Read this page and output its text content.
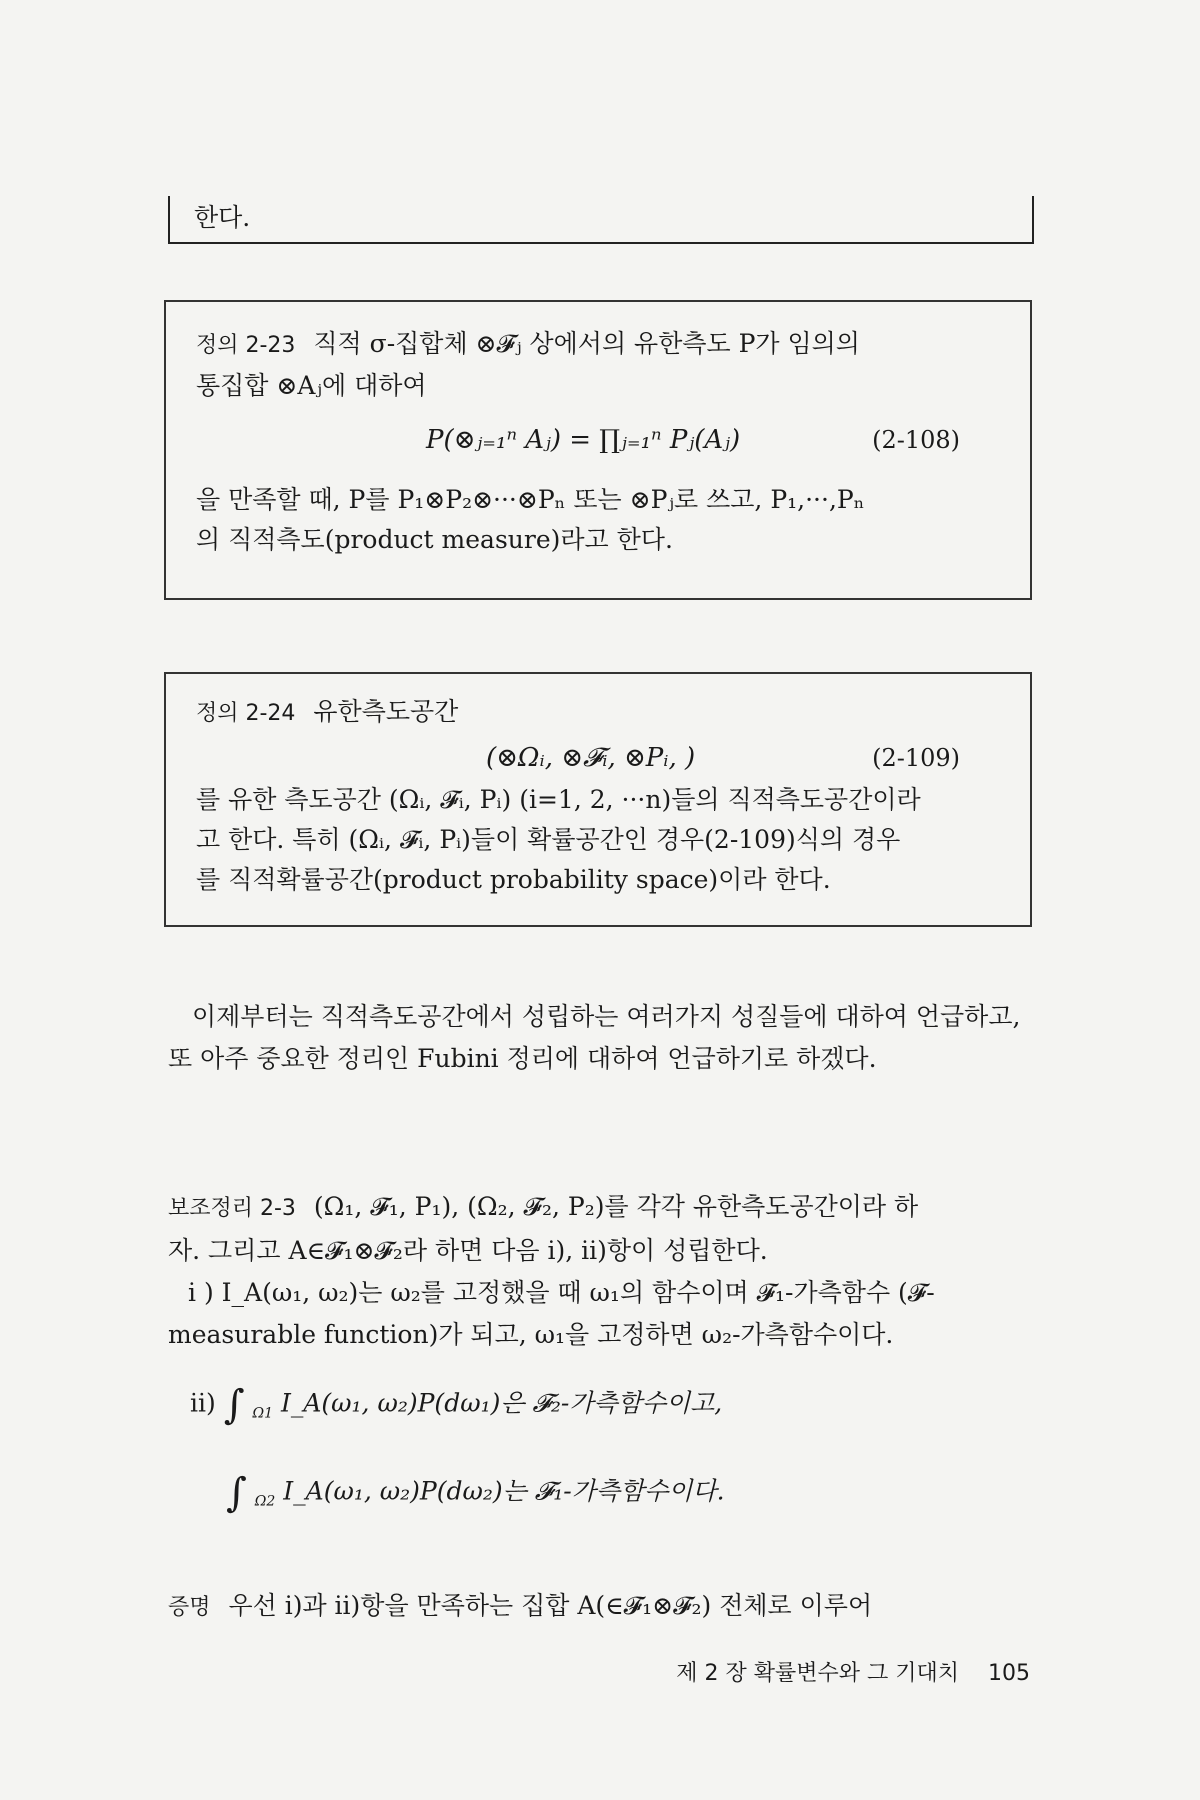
한다.

정의 2-23 직적 σ-집합체 ⊗𝓕ⱼ 상에서의 유한측도 P가 임의의

통집합 ⊗Aⱼ에 대하여

P(⊗ⱼ₌₁ⁿ Aⱼ) = ∏ⱼ₌₁ⁿ Pⱼ(Aⱼ)	(2-108)

을 만족할 때, P를 P₁⊗P₂⊗···⊗Pₙ 또는 ⊗Pⱼ로 쓰고, P₁,···,Pₙ

의 직적측도(product measure)라고 한다.

정의 2-24 유한측도공간

(⊗Ωᵢ, ⊗𝓕ᵢ, ⊗Pᵢ, )	(2-109)

를 유한 측도공간 (Ωᵢ, 𝓕ᵢ, Pᵢ) (i=1, 2, ···n)들의 직적측도공간이라

고 한다. 특히 (Ωᵢ, 𝓕ᵢ, Pᵢ)들이 확률공간인 경우(2-109)식의 경우

를 직적확률공간(product probability space)이라 한다.

이제부터는 직적측도공간에서 성립하는 여러가지 성질들에 대하여 언급하고, 또 아주 중요한 정리인 Fubini 정리에 대하여 언급하기로 하겠다.

보조정리 2-3 (Ω₁, 𝓕₁, P₁), (Ω₂, 𝓕₂, P₂)를 각각 유한측도공간이라 하
자. 그리고 A∈𝓕₁⊗𝓕₂라 하면 다음 i), ii)항이 성립한다.
i ) I_A(ω₁, ω₂)는 ω₂를 고정했을 때 ω₁의 함수이며 𝓕₁-가측함수 (𝓕-
measurable function)가 되고, ω₁을 고정하면 ω₂-가측함수이다.
ii) ∫ $_{\Omega 1}$ I_A(ω₁, ω₂)P(dω₁)은 𝓕₂-가측함수이고,
∫ $_{\Omega 2}$ I_A(ω₁, ω₂)P(dω₂)는 𝓕₁-가측함수이다.
증명 우선 i)과 ii)항을 만족하는 집합 A(∈𝓕₁⊗𝓕₂) 전체로 이루어
제 2 장 확률변수와 그 기대치 105
